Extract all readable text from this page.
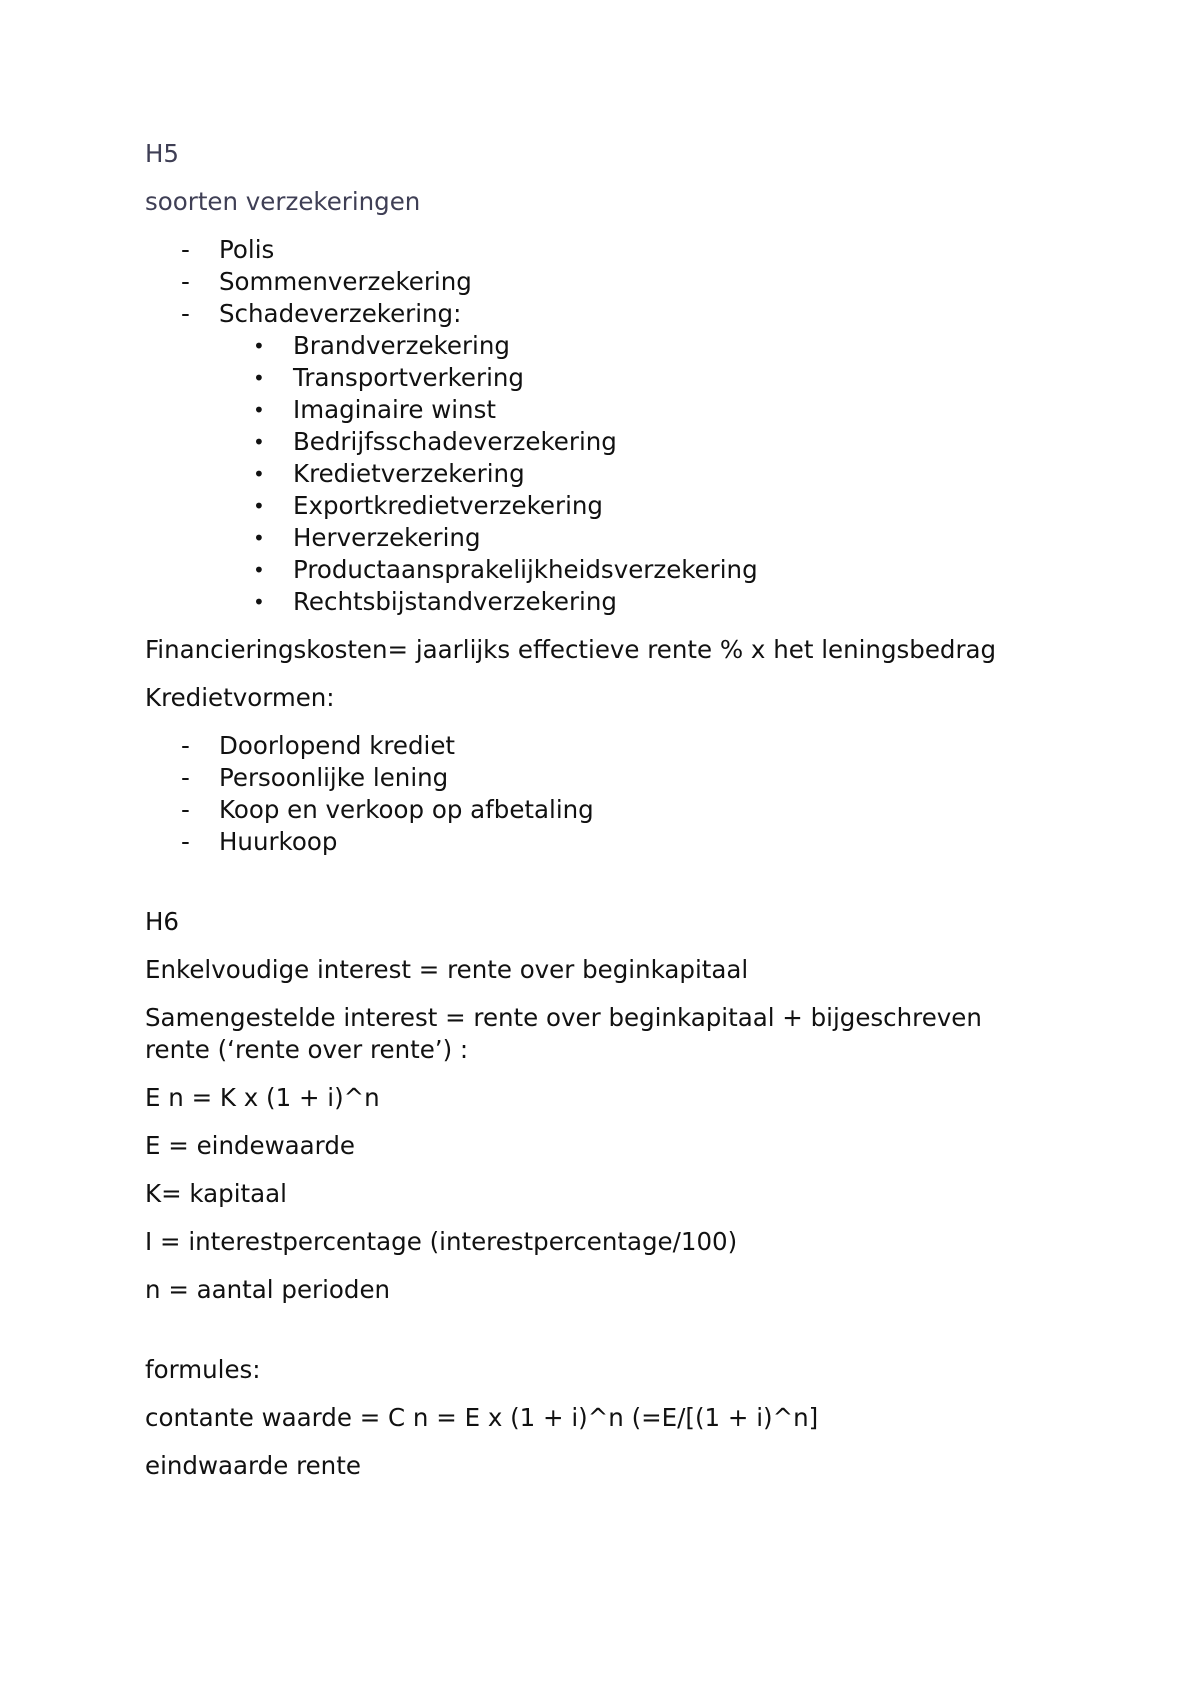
H5

soorten verzekeringen

- Polis
- Sommenverzekering
- Schadeverzekering:
• Brandverzekering
• Transportverkering
• Imaginaire winst
• Bedrijfsschadeverzekering
• Kredietverzekering
• Exportkredietverzekering
• Herverzekering
• Productaansprakelijkheidsverzekering
• Rechtsbijstandverzekering

Financieringskosten= jaarlijks effectieve rente % x het leningsbedrag

Kredietvormen:

- Doorlopend krediet
- Persoonlijke lening
- Koop en verkoop op afbetaling
- Huurkoop

H6

Enkelvoudige interest = rente over beginkapitaal

Samengestelde interest = rente over beginkapitaal + bijgeschreven rente (‘rente over rente’) :

E n = K x (1 + i)^n

E = eindewaarde

K= kapitaal

I = interestpercentage (interestpercentage/100)

n = aantal perioden

formules:

contante waarde = C n = E x (1 + i)^n (=E/[(1 + i)^n]

eindwaarde rente
